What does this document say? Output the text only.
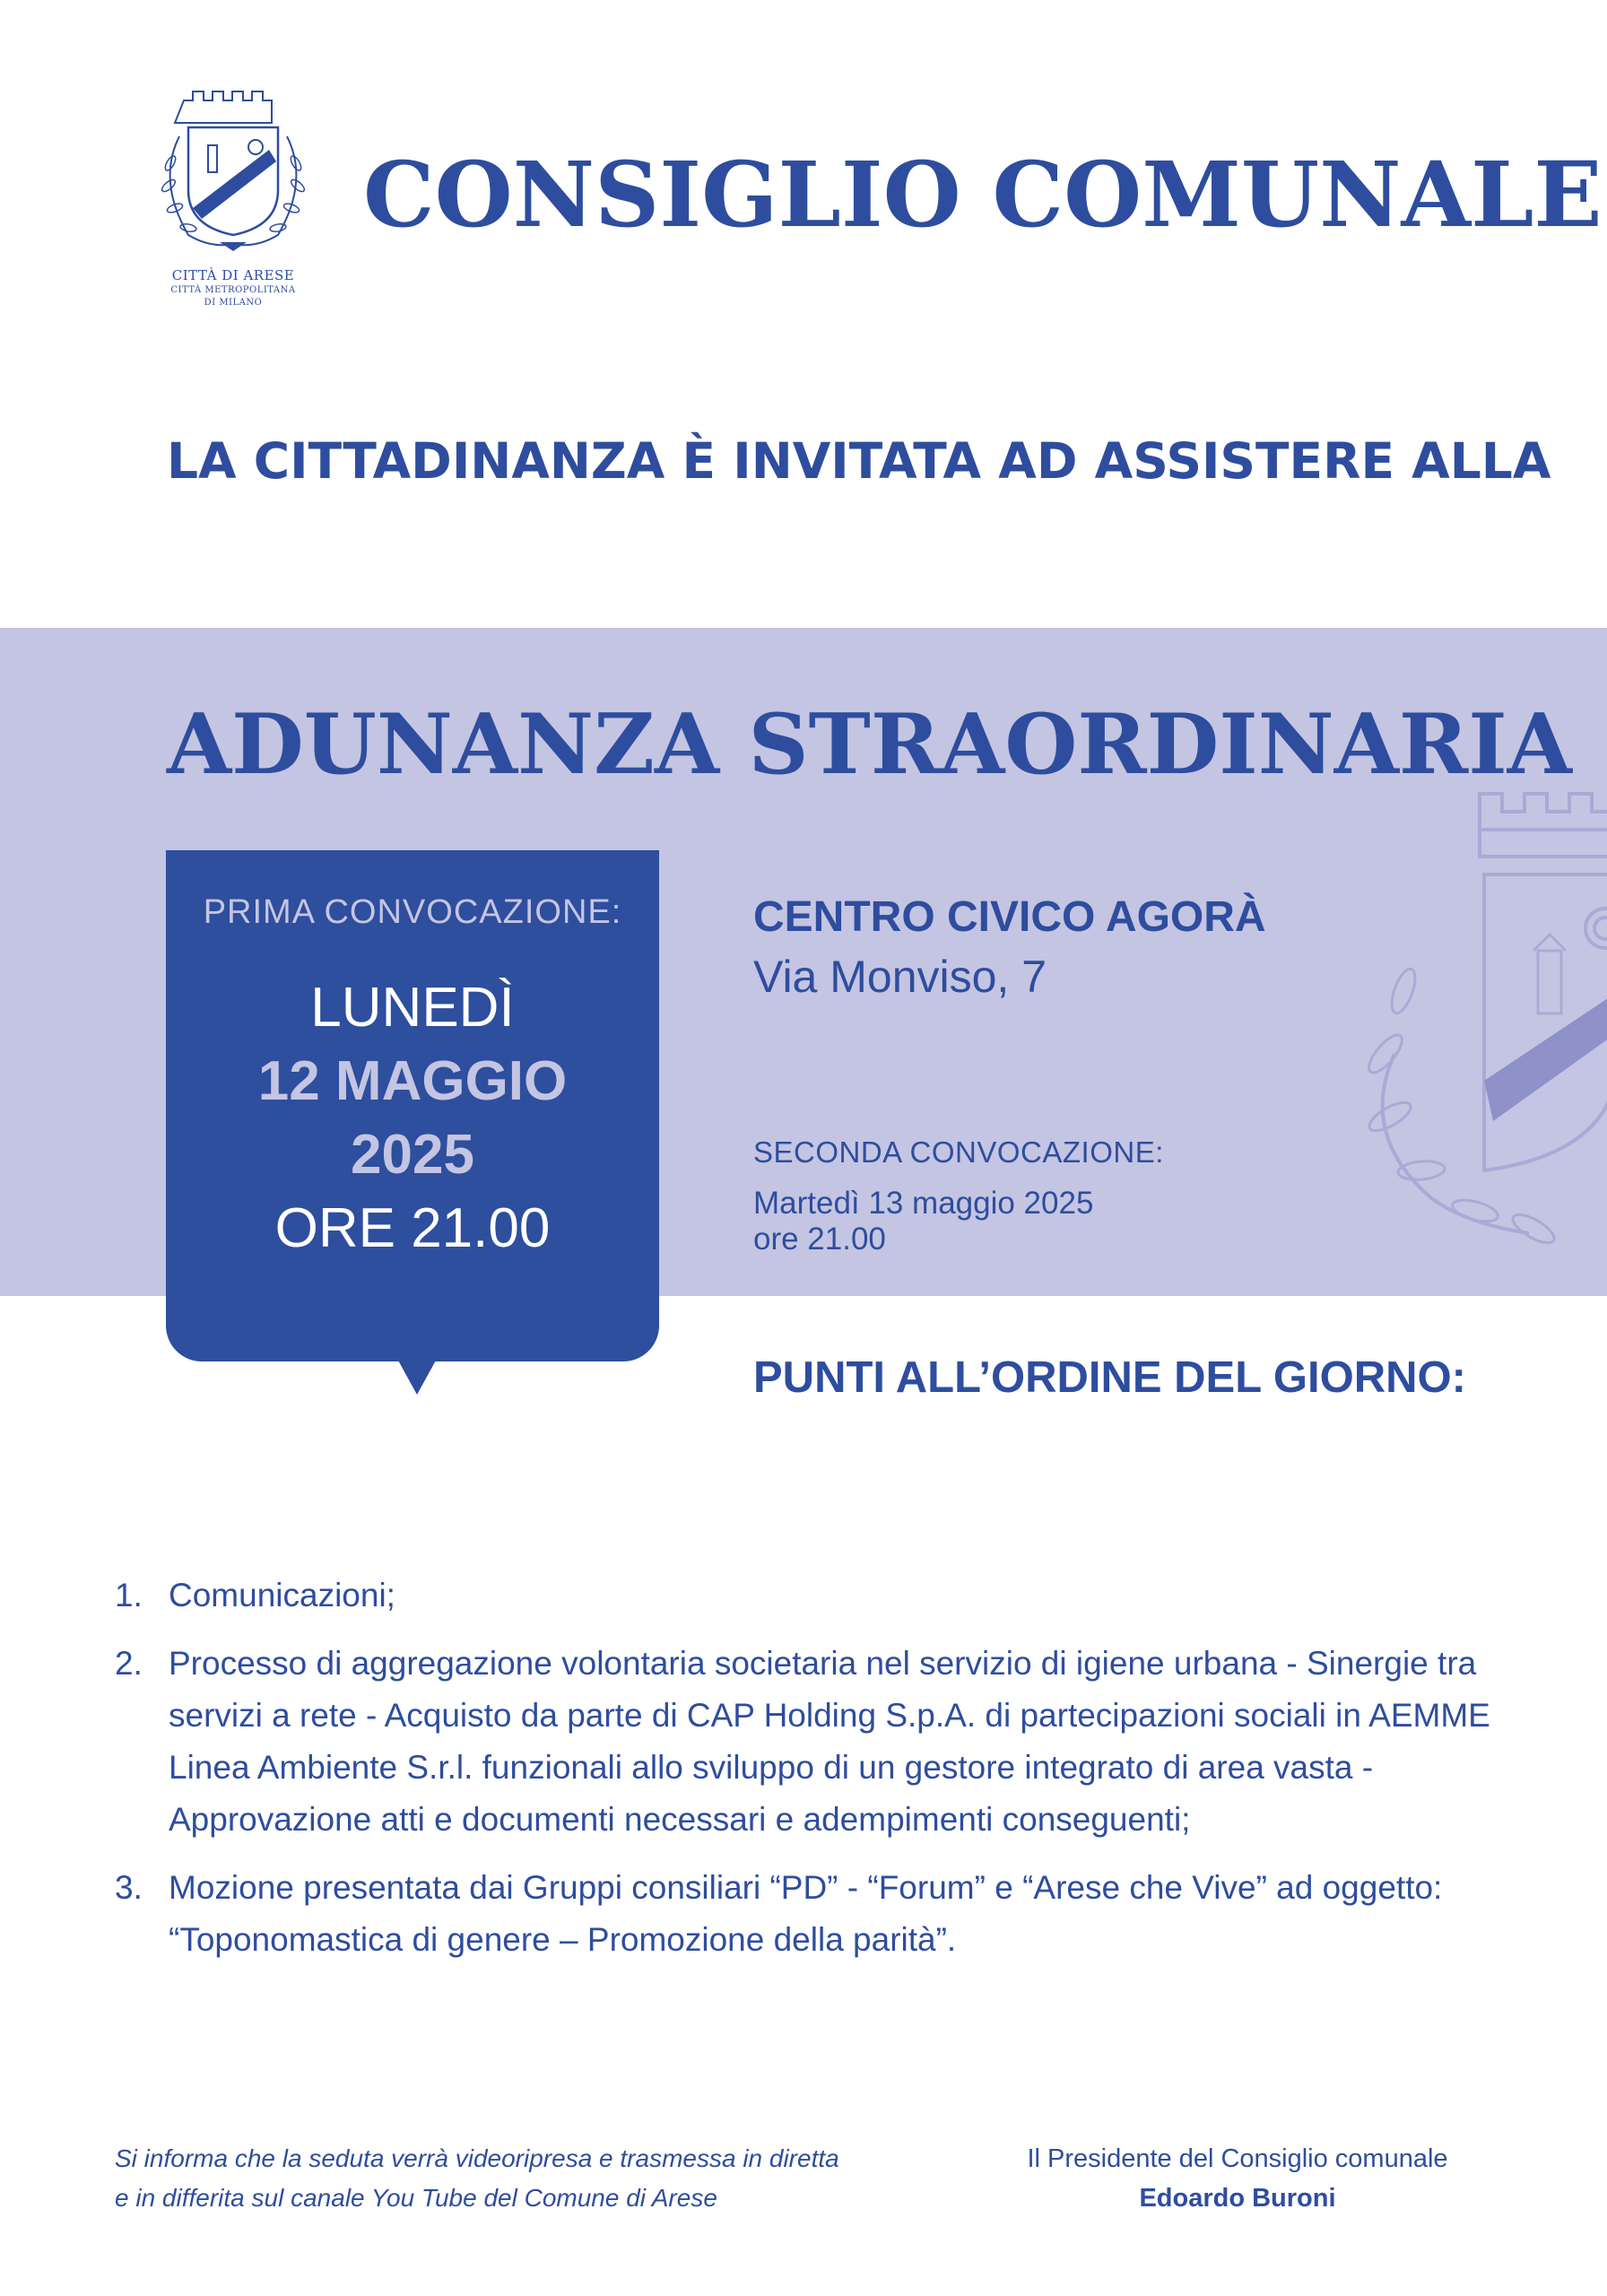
CITTÀ DI ARESE
CITTÀ METROPOLITANA
DI MILANO
CONSIGLIO COMUNALE
LA CITTADINANZA È INVITATA AD ASSISTERE ALLA
ADUNANZA STRAORDINARIA
PRIMA CONVOCAZIONE:
LUNEDÌ
12 MAGGIO
2025
ORE 21.00
CENTRO CIVICO AGORÀ
Via Monviso, 7
SECONDA CONVOCAZIONE:
Martedì 13 maggio 2025
ore 21.00
PUNTI ALL’ORDINE DEL GIORNO:
1. Comunicazioni;
2. Processo di aggregazione volontaria societaria nel servizio di igiene urbana - Sinergie tra servizi a rete - Acquisto da parte di CAP Holding S.p.A. di partecipazioni sociali in AEMME Linea Ambiente S.r.l. funzionali allo sviluppo di un gestore integrato di area vasta - Approvazione atti e documenti necessari e adempimenti conseguenti;
3. Mozione presentata dai Gruppi consiliari “PD” - “Forum” e “Arese che Vive” ad oggetto: “Toponomastica di genere – Promozione della parità”.
Si informa che la seduta verrà videoripresa e trasmessa in diretta
e in differita sul canale You Tube del Comune di Arese
Il Presidente del Consiglio comunale
Edoardo Buroni
